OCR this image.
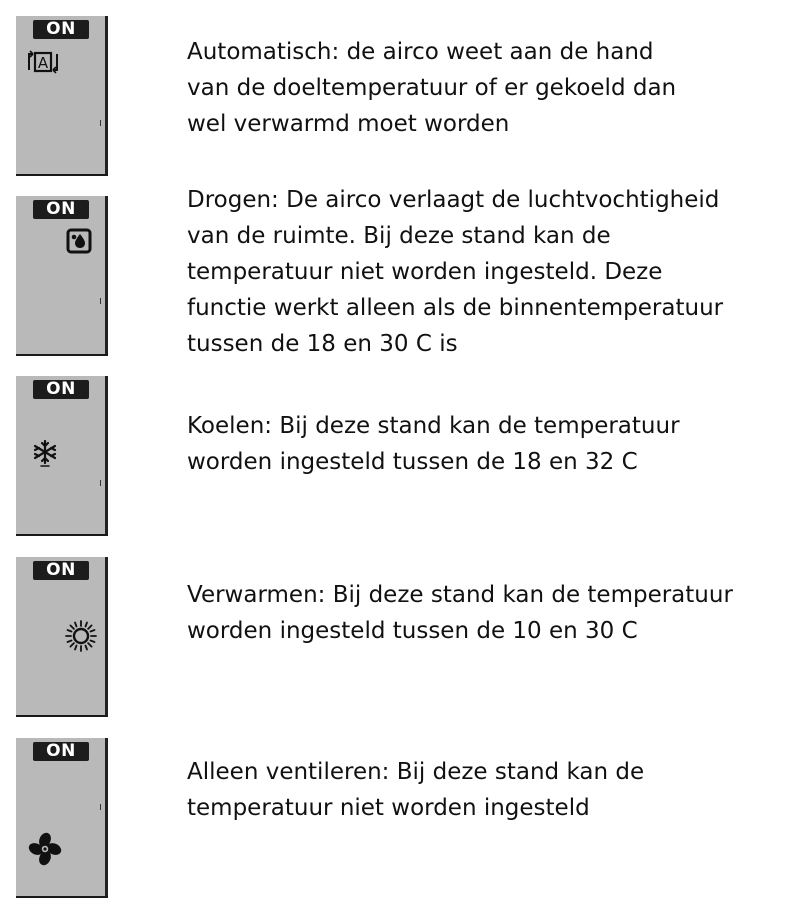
ON
A	Automatisch: de airco weet aan de hand
van de doeltemperatuur of er gekoeld dan
wel verwarmd moet worden

ON	Drogen: De airco verlaagt de luchtvochtigheid
van de ruimte. Bij deze stand kan de
temperatuur niet worden ingesteld. Deze
functie werkt alleen als de binnentemperatuur
tussen de 18 en 30 C is

ON

Koelen: Bij deze stand kan de temperatuur
worden ingesteld tussen de 18 en 32 C

ON

Verwarmen: Bij deze stand kan de temperatuur
worden ingesteld tussen de 10 en 30 C

ON

Alleen ventileren: Bij deze stand kan de
temperatuur niet worden ingesteld
